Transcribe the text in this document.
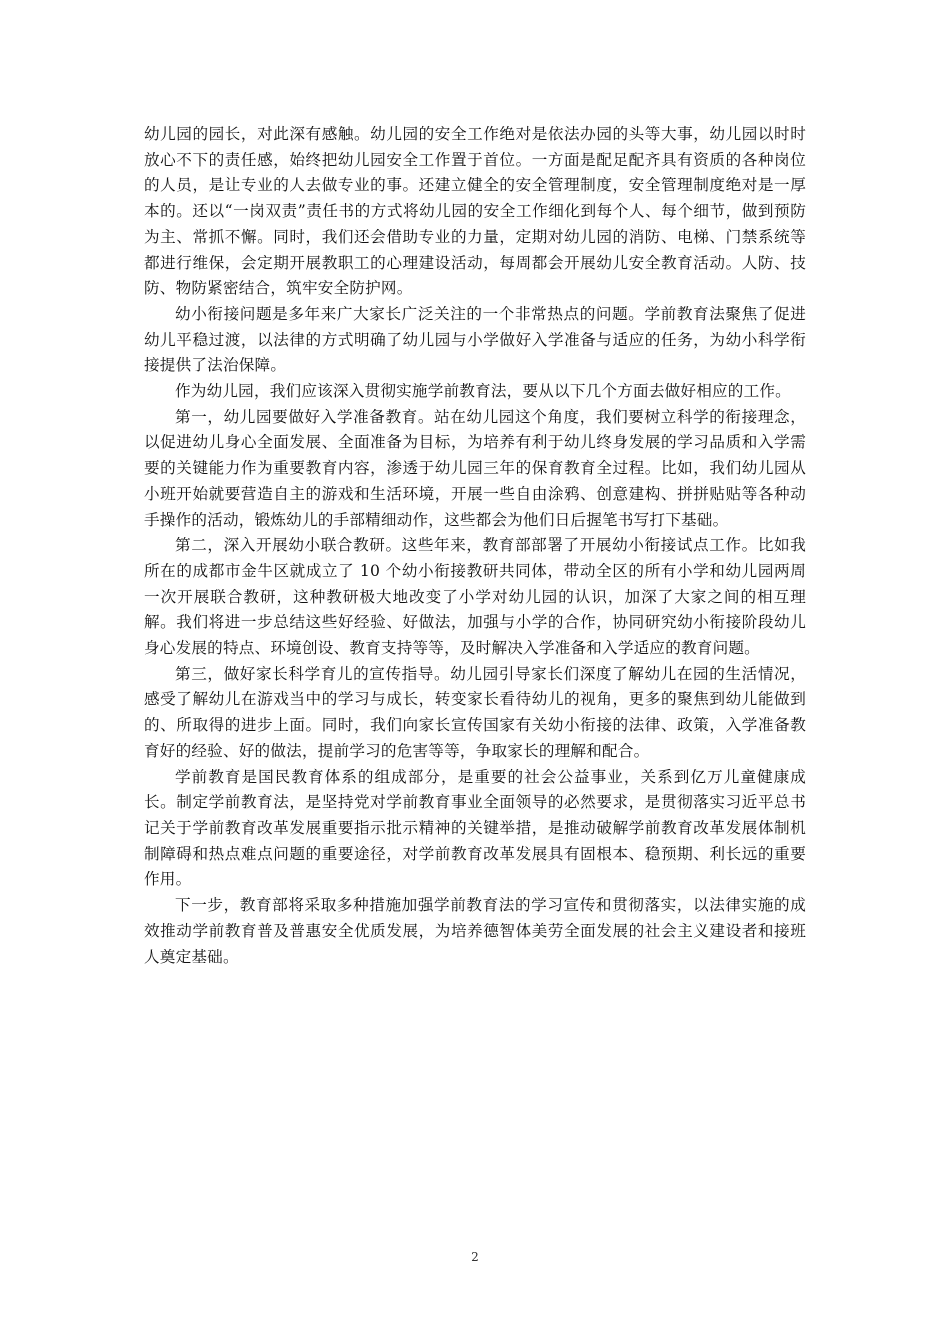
幼儿园的园长，对此深有感触。幼儿园的安全工作绝对是依法办园的头等大事，幼儿园以时时放心不下的责任感，始终把幼儿园安全工作置于首位。一方面是配足配齐具有资质的各种岗位的人员，是让专业的人去做专业的事。还建立健全的安全管理制度，安全管理制度绝对是一厚本的。还以“一岗双责”责任书的方式将幼儿园的安全工作细化到每个人、每个细节，做到预防为主、常抓不懈。同时，我们还会借助专业的力量，定期对幼儿园的消防、电梯、门禁系统等都进行维保，会定期开展教职工的心理建设活动，每周都会开展幼儿安全教育活动。人防、技防、物防紧密结合，筑牢安全防护网。

幼小衔接问题是多年来广大家长广泛关注的一个非常热点的问题。学前教育法聚焦了促进幼儿平稳过渡，以法律的方式明确了幼儿园与小学做好入学准备与适应的任务，为幼小科学衔接提供了法治保障。

作为幼儿园，我们应该深入贯彻实施学前教育法，要从以下几个方面去做好相应的工作。

第一，幼儿园要做好入学准备教育。站在幼儿园这个角度，我们要树立科学的衔接理念，以促进幼儿身心全面发展、全面准备为目标，为培养有利于幼儿终身发展的学习品质和入学需要的关键能力作为重要教育内容，渗透于幼儿园三年的保育教育全过程。比如，我们幼儿园从小班开始就要营造自主的游戏和生活环境，开展一些自由涂鸦、创意建构、拼拼贴贴等各种动手操作的活动，锻炼幼儿的手部精细动作，这些都会为他们日后握笔书写打下基础。

第二，深入开展幼小联合教研。这些年来，教育部部署了开展幼小衔接试点工作。比如我所在的成都市金牛区就成立了 10 个幼小衔接教研共同体，带动全区的所有小学和幼儿园两周一次开展联合教研，这种教研极大地改变了小学对幼儿园的认识，加深了大家之间的相互理解。我们将进一步总结这些好经验、好做法，加强与小学的合作，协同研究幼小衔接阶段幼儿身心发展的特点、环境创设、教育支持等等，及时解决入学准备和入学适应的教育问题。

第三，做好家长科学育儿的宣传指导。幼儿园引导家长们深度了解幼儿在园的生活情况，感受了解幼儿在游戏当中的学习与成长，转变家长看待幼儿的视角，更多的聚焦到幼儿能做到的、所取得的进步上面。同时，我们向家长宣传国家有关幼小衔接的法律、政策，入学准备教育好的经验、好的做法，提前学习的危害等等，争取家长的理解和配合。

学前教育是国民教育体系的组成部分，是重要的社会公益事业，关系到亿万儿童健康成长。制定学前教育法，是坚持党对学前教育事业全面领导的必然要求，是贯彻落实习近平总书记关于学前教育改革发展重要指示批示精神的关键举措，是推动破解学前教育改革发展体制机制障碍和热点难点问题的重要途径，对学前教育改革发展具有固根本、稳预期、利长远的重要作用。

下一步，教育部将采取多种措施加强学前教育法的学习宣传和贯彻落实，以法律实施的成效推动学前教育普及普惠安全优质发展，为培养德智体美劳全面发展的社会主义建设者和接班人奠定基础。

2
